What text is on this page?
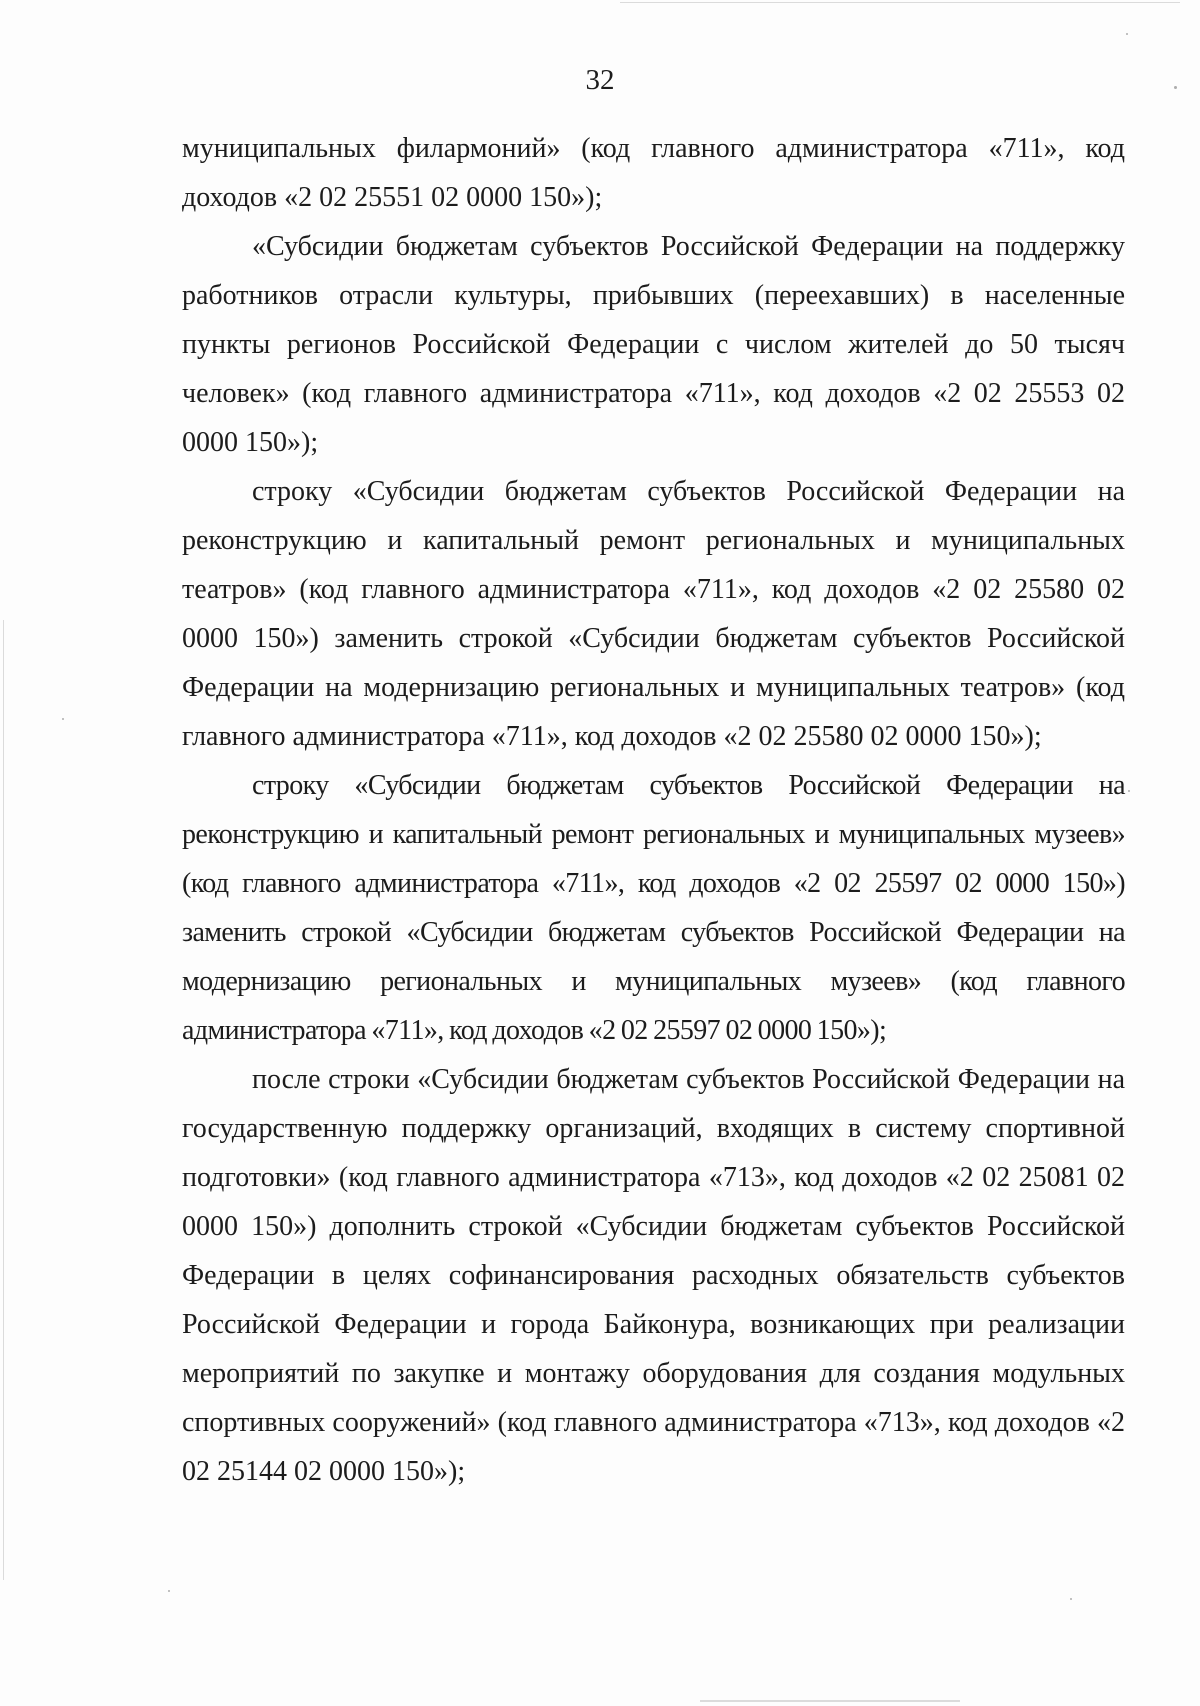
32

муниципальных филармоний» (код главного администратора «711», код доходов «2 02 25551 02 0000 150»);

«Субсидии бюджетам субъектов Российской Федерации на поддержку работников отрасли культуры, прибывших (переехавших) в населенные пункты регионов Российской Федерации с числом жителей до 50 тысяч человек» (код главного администратора «711», код доходов «2 02 25553 02 0000 150»);

строку «Субсидии бюджетам субъектов Российской Федерации на реконструкцию и капитальный ремонт региональных и муниципальных театров» (код главного администратора «711», код доходов «2 02 25580 02 0000 150») заменить строкой «Субсидии бюджетам субъектов Российской Федерации на модернизацию региональных и муниципальных театров» (код главного администратора «711», код доходов «2 02 25580 02 0000 150»);

строку «Субсидии бюджетам субъектов Российской Федерации на реконструкцию и капитальный ремонт региональных и муниципальных музеев» (код главного администратора «711», код доходов «2 02 25597 02 0000 150») заменить строкой «Субсидии бюджетам субъектов Российской Федерации на модернизацию региональных и муниципальных музеев» (код главного администратора «711», код доходов «2 02 25597 02 0000 150»);

после строки «Субсидии бюджетам субъектов Российской Федерации на государственную поддержку организаций, входящих в систему спортивной подготовки» (код главного администратора «713», код доходов «2 02 25081 02 0000 150») дополнить строкой «Субсидии бюджетам субъектов Российской Федерации в целях софинансирования расходных обязательств субъектов Российской Федерации и города Байконура, возникающих при реализации мероприятий по закупке и монтажу оборудования для создания модульных спортивных сооружений» (код главного администратора «713», код доходов «2 02 25144 02 0000 150»);
